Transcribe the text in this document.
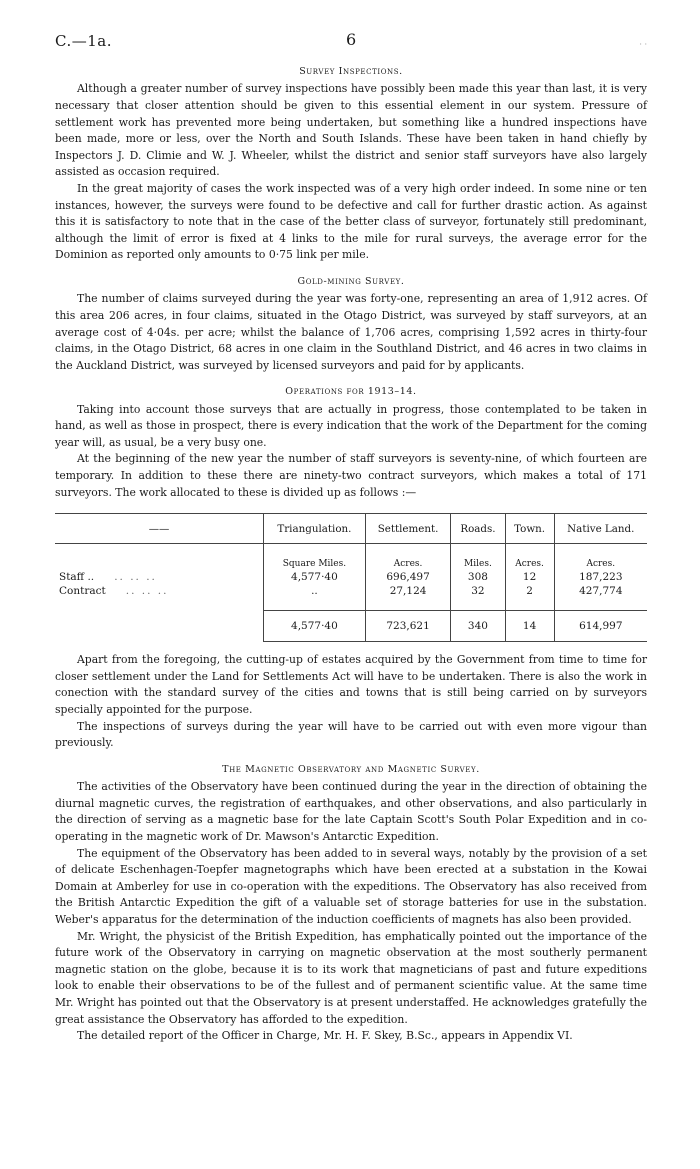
C.—1a.	6	· ·
Survey Inspections.

Although a greater number of survey inspections have possibly been made this year than last, it is very necessary that closer attention should be given to this essential element in our system. Pressure of settlement work has prevented more being undertaken, but something like a hundred inspections have been made, more or less, over the North and South Islands. These have been taken in hand chiefly by Inspectors J. D. Climie and W. J. Wheeler, whilst the district and senior staff surveyors have also largely assisted as occasion required.

In the great majority of cases the work inspected was of a very high order indeed. In some nine or ten instances, however, the surveys were found to be defective and call for further drastic action. As against this it is satisfactory to note that in the case of the better class of surveyor, fortunately still predominant, although the limit of error is fixed at 4 links to the mile for rural surveys, the average error for the Dominion as reported only amounts to 0·75 link per mile.

Gold-mining Survey.

The number of claims surveyed during the year was forty-one, representing an area of 1,912 acres. Of this area 206 acres, in four claims, situated in the Otago District, was surveyed by staff surveyors, at an average cost of 4·04s. per acre; whilst the balance of 1,706 acres, comprising 1,592 acres in thirty-four claims, in the Otago District, 68 acres in one claim in the Southland District, and 46 acres in two claims in the Auckland District, was surveyed by licensed surveyors and paid for by applicants.

Operations for 1913–14.

Taking into account those surveys that are actually in progress, those contemplated to be taken in hand, as well as those in prospect, there is every indication that the work of the Department for the coming year will, as usual, be a very busy one.

At the beginning of the new year the number of staff surveyors is seventy-nine, of which fourteen are temporary. In addition to these there are ninety-two contract surveyors, which makes a total of 171 surveyors. The work allocated to these is divided up as follows :—

——	Triangulation.	Settlement.	Roads.	Town.	Native Land.
	Square Miles.	Acres.	Miles.	Acres.	Acres.
Staff .. .. .. ..	4,577·40	696,497	308	12	187,223
Contract .. .. ..	..	27,124	32	2	427,774
	4,577·40	723,621	340	14	614,997

Apart from the foregoing, the cutting-up of estates acquired by the Government from time to time for closer settlement under the Land for Settlements Act will have to be undertaken. There is also the work in conection with the standard survey of the cities and towns that is still being carried on by surveyors specially appointed for the purpose.

The inspections of surveys during the year will have to be carried out with even more vigour than previously.

The Magnetic Observatory and Magnetic Survey.

The activities of the Observatory have been continued during the year in the direction of obtaining the diurnal magnetic curves, the registration of earthquakes, and other observations, and also particularly in the direction of serving as a magnetic base for the late Captain Scott's South Polar Expedition and in co-operating in the magnetic work of Dr. Mawson's Antarctic Expedition.

The equipment of the Observatory has been added to in several ways, notably by the provision of a set of delicate Eschenhagen-Toepfer magnetographs which have been erected at a substation in the Kowai Domain at Amberley for use in co-operation with the expeditions. The Observatory has also received from the British Antarctic Expedition the gift of a valuable set of storage batteries for use in the substation. Weber's apparatus for the determination of the induction coefficients of magnets has also been provided.

Mr. Wright, the physicist of the British Expedition, has emphatically pointed out the importance of the future work of the Observatory in carrying on magnetic observation at the most southerly permanent magnetic station on the globe, because it is to its work that magneticians of past and future expeditions look to enable their observations to be of the fullest and of permanent scientific value. At the same time Mr. Wright has pointed out that the Observatory is at present understaffed. He acknowledges gratefully the great assistance the Observatory has afforded to the expedition.

The detailed report of the Officer in Charge, Mr. H. F. Skey, B.Sc., appears in Appendix VI.
